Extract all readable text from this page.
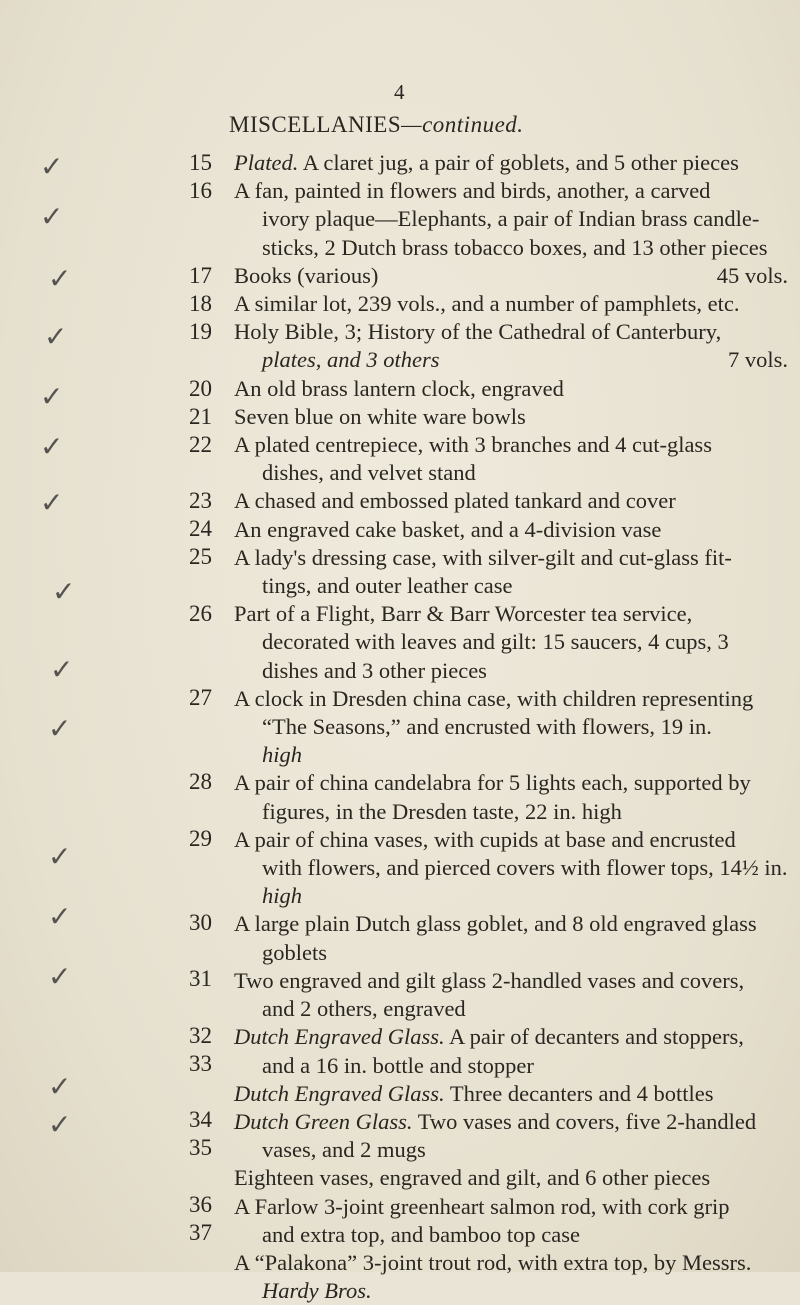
4
MISCELLANIES—continued.
✓
✓
✓
✓
✓
✓
✓
✓
✓
✓
✓
✓
✓
✓
✓
15
16
17
18
19
20
21
22
23
24
25
26
27
28
29
30
31
32
33
34
35
36
Plated. A claret jug, a pair of goblets, and 5 other pieces
A fan, painted in flowers and birds, another, a carved
ivory plaque—Elephants, a pair of Indian brass candle-
sticks, 2 Dutch brass tobacco boxes, and 13 other pieces
Books (various)	45 vols.
A similar lot, 239 vols., and a number of pamphlets, etc.
Holy Bible, 3; History of the Cathedral of Canterbury,
plates, and 3 others	7 vols.
An old brass lantern clock, engraved
Seven blue on white ware bowls
A plated centrepiece, with 3 branches and 4 cut-glass
dishes, and velvet stand
A chased and embossed plated tankard and cover
An engraved cake basket, and a 4-division vase
A lady's dressing case, with silver-gilt and cut-glass fit-
tings, and outer leather case
Part of a Flight, Barr & Barr Worcester tea service,
decorated with leaves and gilt: 15 saucers, 4 cups, 3
dishes and 3 other pieces
A clock in Dresden china case, with children representing
“The Seasons,” and encrusted with flowers, 19 in.
high
A pair of china candelabra for 5 lights each, supported by
figures, in the Dresden taste, 22 in. high
A pair of china vases, with cupids at base and encrusted
with flowers, and pierced covers with flower tops, 14½ in.
high
A large plain Dutch glass goblet, and 8 old engraved glass
goblets
Two engraved and gilt glass 2-handled vases and covers,
and 2 others, engraved
Dutch Engraved Glass. A pair of decanters and stoppers,
and a 16 in. bottle and stopper
Dutch Engraved Glass. Three decanters and 4 bottles
Dutch Green Glass. Two vases and covers, five 2-handled
vases, and 2 mugs
Eighteen vases, engraved and gilt, and 6 other pieces
A Farlow 3-joint greenheart salmon rod, with cork grip
and extra top, and bamboo top case
A “Palakona” 3-joint trout rod, with extra top, by Messrs.
Hardy Bros.
37
